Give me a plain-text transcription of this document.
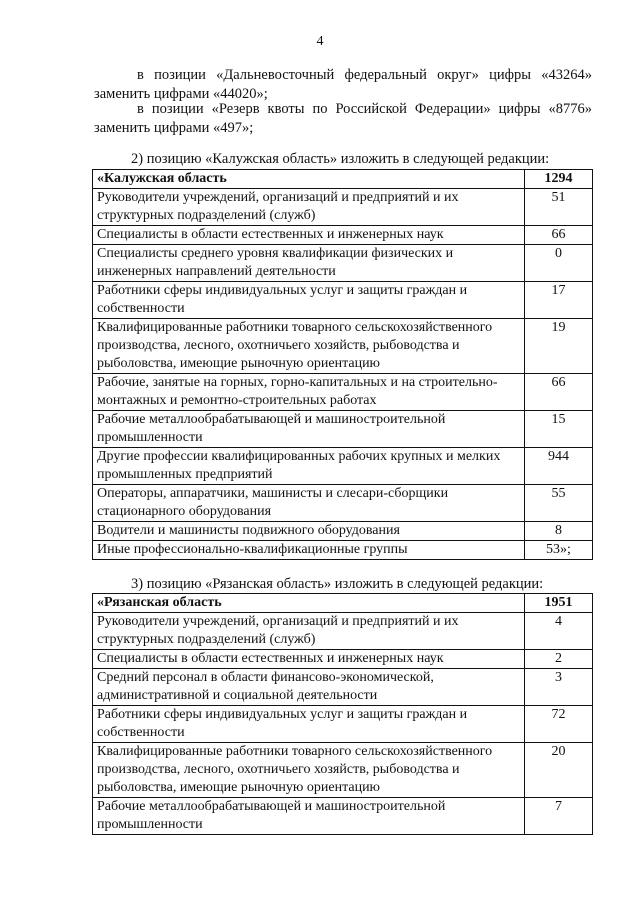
4
в позиции «Дальневосточный федеральный округ» цифры «43264»
заменить цифрами «44020»;
в позиции «Резерв квоты по Российской Федерации» цифры «8776»
заменить цифрами «497»;
2) позицию «Калужская область» изложить в следующей редакции:
«Калужская область	1294
Руководители учреждений, организаций и предприятий и их структурных подразделений (служб)	51
Специалисты в области естественных и инженерных наук	66
Специалисты среднего уровня квалификации физических и инженерных направлений деятельности	0
Работники сферы индивидуальных услуг и защиты граждан и собственности	17
Квалифицированные работники товарного сельскохозяйственного производства, лесного, охотничьего хозяйств, рыбоводства и рыболовства, имеющие рыночную ориентацию	19
Рабочие, занятые на горных, горно-капитальных и на строительно-монтажных и ремонтно-строительных работах	66
Рабочие металлообрабатывающей и машиностроительной промышленности	15
Другие профессии квалифицированных рабочих крупных и мелких промышленных предприятий	944
Операторы, аппаратчики, машинисты и слесари-сборщики стационарного оборудования	55
Водители и машинисты подвижного оборудования	8
Иные профессионально-квалификационные группы	53»;
3) позицию «Рязанская область» изложить в следующей редакции:
«Рязанская область	1951
Руководители учреждений, организаций и предприятий и их структурных подразделений (служб)	4
Специалисты в области естественных и инженерных наук	2
Средний персонал в области финансово-экономической, административной и социальной деятельности	3
Работники сферы индивидуальных услуг и защиты граждан и собственности	72
Квалифицированные работники товарного сельскохозяйственного производства, лесного, охотничьего хозяйств, рыбоводства и рыболовства, имеющие рыночную ориентацию	20
Рабочие металлообрабатывающей и машиностроительной промышленности	7
